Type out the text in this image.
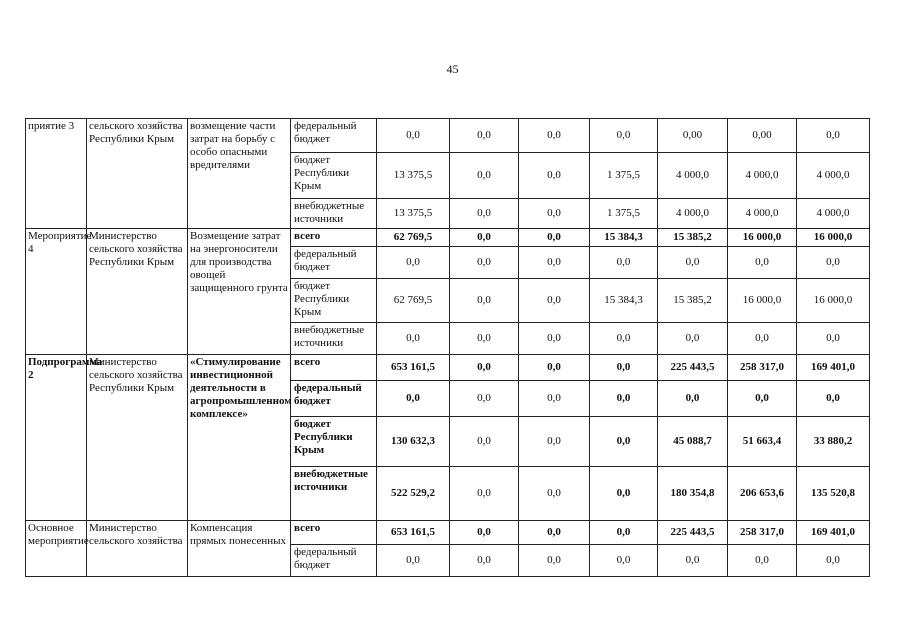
45
приятие 3	сельского хозяйства Республики Крым	возмещение части затрат на борьбу с особо опасными вредителями	федеральный бюджет	0,0	0,0	0,0	0,0	0,00	0,00	0,0
			бюджет Республики Крым	13 375,5	0,0	0,0	1 375,5	4 000,0	4 000,0	4 000,0
			внебюджетные источники	13 375,5	0,0	0,0	1 375,5	4 000,0	4 000,0	4 000,0
Мероприятие 4	Министерство сельского хозяйства Республики Крым	Возмещение затрат на энергоносители для производства овощей защищенного грунта	всего	62 769,5	0,0	0,0	15 384,3	15 385,2	16 000,0	16 000,0
			федеральный бюджет	0,0	0,0	0,0	0,0	0,0	0,0	0,0
			бюджет Республики Крым	62 769,5	0,0	0,0	15 384,3	15 385,2	16 000,0	16 000,0
			внебюджетные источники	0,0	0,0	0,0	0,0	0,0	0,0	0,0
Подпрограмма 2	Министерство сельского хозяйства Республики Крым	«Стимулирование инвестиционной деятельности в агропромышленном комплексе»	всего	653 161,5	0,0	0,0	0,0	225 443,5	258 317,0	169 401,0
			федеральный бюджет	0,0	0,0	0,0	0,0	0,0	0,0	0,0
			бюджет Республики Крым	130 632,3	0,0	0,0	0,0	45 088,7	51 663,4	33 880,2
			внебюджетные источники	522 529,2	0,0	0,0	0,0	180 354,8	206 653,6	135 520,8
Основное мероприятие	Министерство сельского хозяйства	Компенсация прямых понесенных	всего	653 161,5	0,0	0,0	0,0	225 443,5	258 317,0	169 401,0
			федеральный бюджет	0,0	0,0	0,0	0,0	0,0	0,0	0,0
